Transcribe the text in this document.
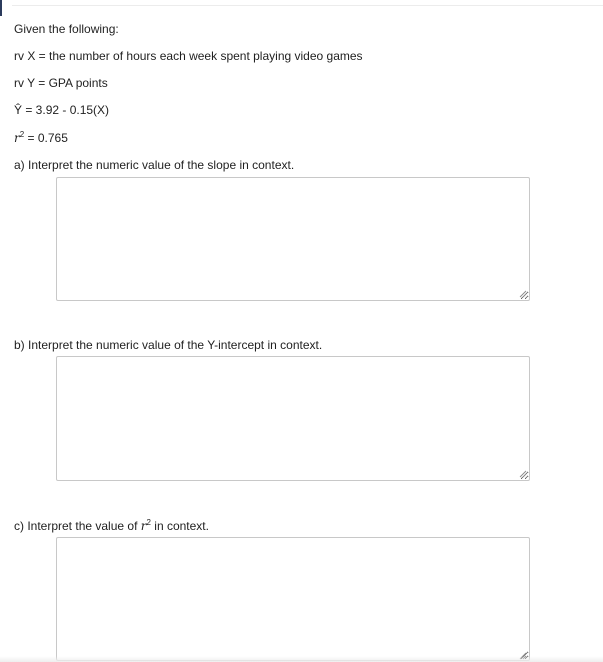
Given the following:
rv X = the number of hours each week spent playing video games
rv Y = GPA points
Ŷ = 3.92 - 0.15(X)
$r^2 = 0.765$
a) Interpret the numeric value of the slope in context.
b) Interpret the numeric value of the Y-intercept in context.
c) Interpret the value of $r^2$ in context.
